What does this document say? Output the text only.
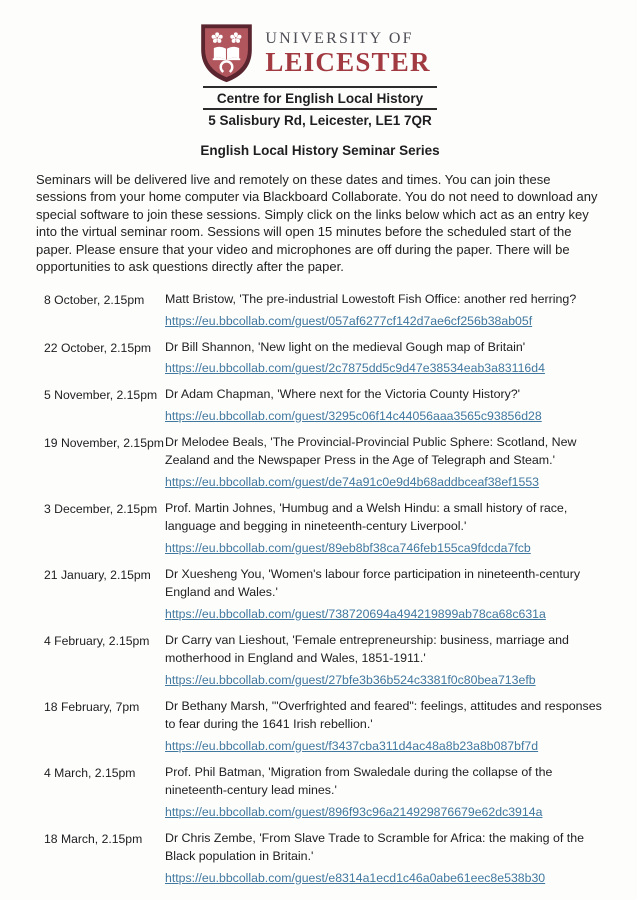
UNIVERSITY OF
LEICESTER
Centre for English Local History
5 Salisbury Rd, Leicester, LE1 7QR
English Local History Seminar Series

Seminars will be delivered live and remotely on these dates and times. You can join these sessions from your home computer via Blackboard Collaborate. You do not need to download any special software to join these sessions. Simply click on the links below which act as an entry key into the virtual seminar room. Sessions will open 15 minutes before the scheduled start of the paper. Please ensure that your video and microphones are off during the paper. There will be opportunities to ask questions directly after the paper.

8 October, 2.15pm	Matt Bristow, 'The pre-industrial Lowestoft Fish Office: another red herring?
https://eu.bbcollab.com/guest/057af6277cf142d7ae6cf256b38ab05f
22 October, 2.15pm	Dr Bill Shannon, 'New light on the medieval Gough map of Britain'
https://eu.bbcollab.com/guest/2c7875dd5c9d47e38534eab3a83116d4
5 November, 2.15pm Dr Adam Chapman, 'Where next for the Victoria County History?'
https://eu.bbcollab.com/guest/3295c06f14c44056aaa3565c93856d28
19 November, 2.15pm Dr Melodee Beals, 'The Provincial-Provincial Public Sphere: Scotland, New Zealand and the Newspaper Press in the Age of Telegraph and Steam.'
https://eu.bbcollab.com/guest/de74a91c0e9d4b68addbceaf38ef1553
3 December, 2.15pm Prof. Martin Johnes, 'Humbug and a Welsh Hindu: a small history of race, language and begging in nineteenth-century Liverpool.'
https://eu.bbcollab.com/guest/89eb8bf38ca746feb155ca9fdcda7fcb
21 January, 2.15pm	Dr Xuesheng You, 'Women's labour force participation in nineteenth-century England and Wales.'
https://eu.bbcollab.com/guest/738720694a494219899ab78ca68c631a
4 February, 2.15pm	Dr Carry van Lieshout, 'Female entrepreneurship: business, marriage and motherhood in England and Wales, 1851-1911.'
https://eu.bbcollab.com/guest/27bfe3b36b524c3381f0c80bea713efb
18 February, 7pm	Dr Bethany Marsh, '"Overfrighted and feared": feelings, attitudes and responses to fear during the 1641 Irish rebellion.'
https://eu.bbcollab.com/guest/f3437cba311d4ac48a8b23a8b087bf7d
4 March, 2.15pm	Prof. Phil Batman, 'Migration from Swaledale during the collapse of the nineteenth-century lead mines.'
https://eu.bbcollab.com/guest/896f93c96a214929876679e62dc3914a
18 March, 2.15pm	Dr Chris Zembe, 'From Slave Trade to Scramble for Africa: the making of the Black population in Britain.'
https://eu.bbcollab.com/guest/e8314a1ecd1c46a0abe61eec8e538b30
